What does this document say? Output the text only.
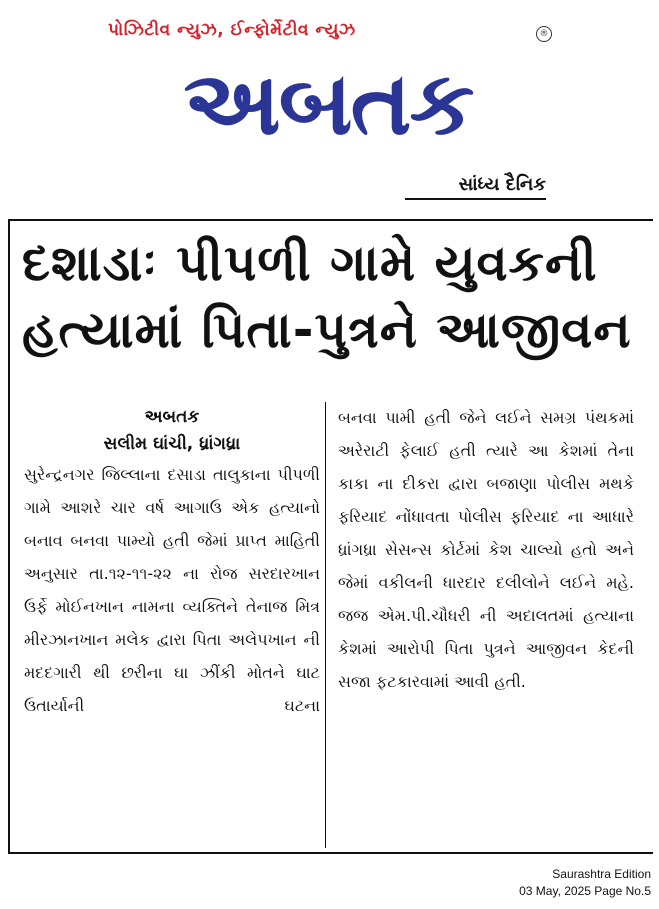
પોઝિટીવ ન્યુઝ, ઈન્ફોર્મેટીવ ન્યુઝ	®
અબતક
સાંધ્ય દૈનિક
દશાડાઃ પીપળી ગામે યુવકની હત્યામાં પિતા-પુત્રને આજીવન
અબતક
સલીમ ઘાંચી, ધ્રાંગધ્રા
સુરેન્દ્રનગર જિલ્લાના દસાડા તાલુકાના પીપળી ગામે આશરે ચાર વર્ષ આગાઉ એક હત્યાનો બનાવ બનવા પામ્યો હતી જેમાં પ્રાપ્ત માહિતી અનુસાર તા.૧૨-૧૧-૨૨ ના રોજ સરદારખાન ઉર્ફે મોઈનખાન નામના વ્યક્તિને તેનાજ મિત્ર મીરઝાનખાન મલેક દ્વારા પિતા અલેપખાન ની મદદગારી થી છરીના ઘા ઝીંકી મોતને ઘાટ ઉતાર્યાની ઘટના
બનવા પામી હતી જેને લઈને સમગ્ર પંથકમાં અરેરાટી ફેલાઈ હતી ત્યારે આ કેશમાં તેના કાકા ના દીકરા દ્વારા બજાણા પોલીસ મથકે ફરિયાદ નોંધાવતા પોલીસ ફરિયાદ ના આધારે ધ્રાંગધ્રા સેસન્સ કોર્ટમાં કેશ ચાલ્યો હતો અને જેમાં વકીલની ધારદાર દલીલોને લઈને મહે. જજ એમ.પી.ચૌધરી ની અદાલતમાં હત્યાના કેશમાં આરોપી પિતા પુત્રને આજીવન કેદની સજા ફટકારવામાં આવી હતી.
Saurashtra Edition
03 May, 2025 Page No.5
